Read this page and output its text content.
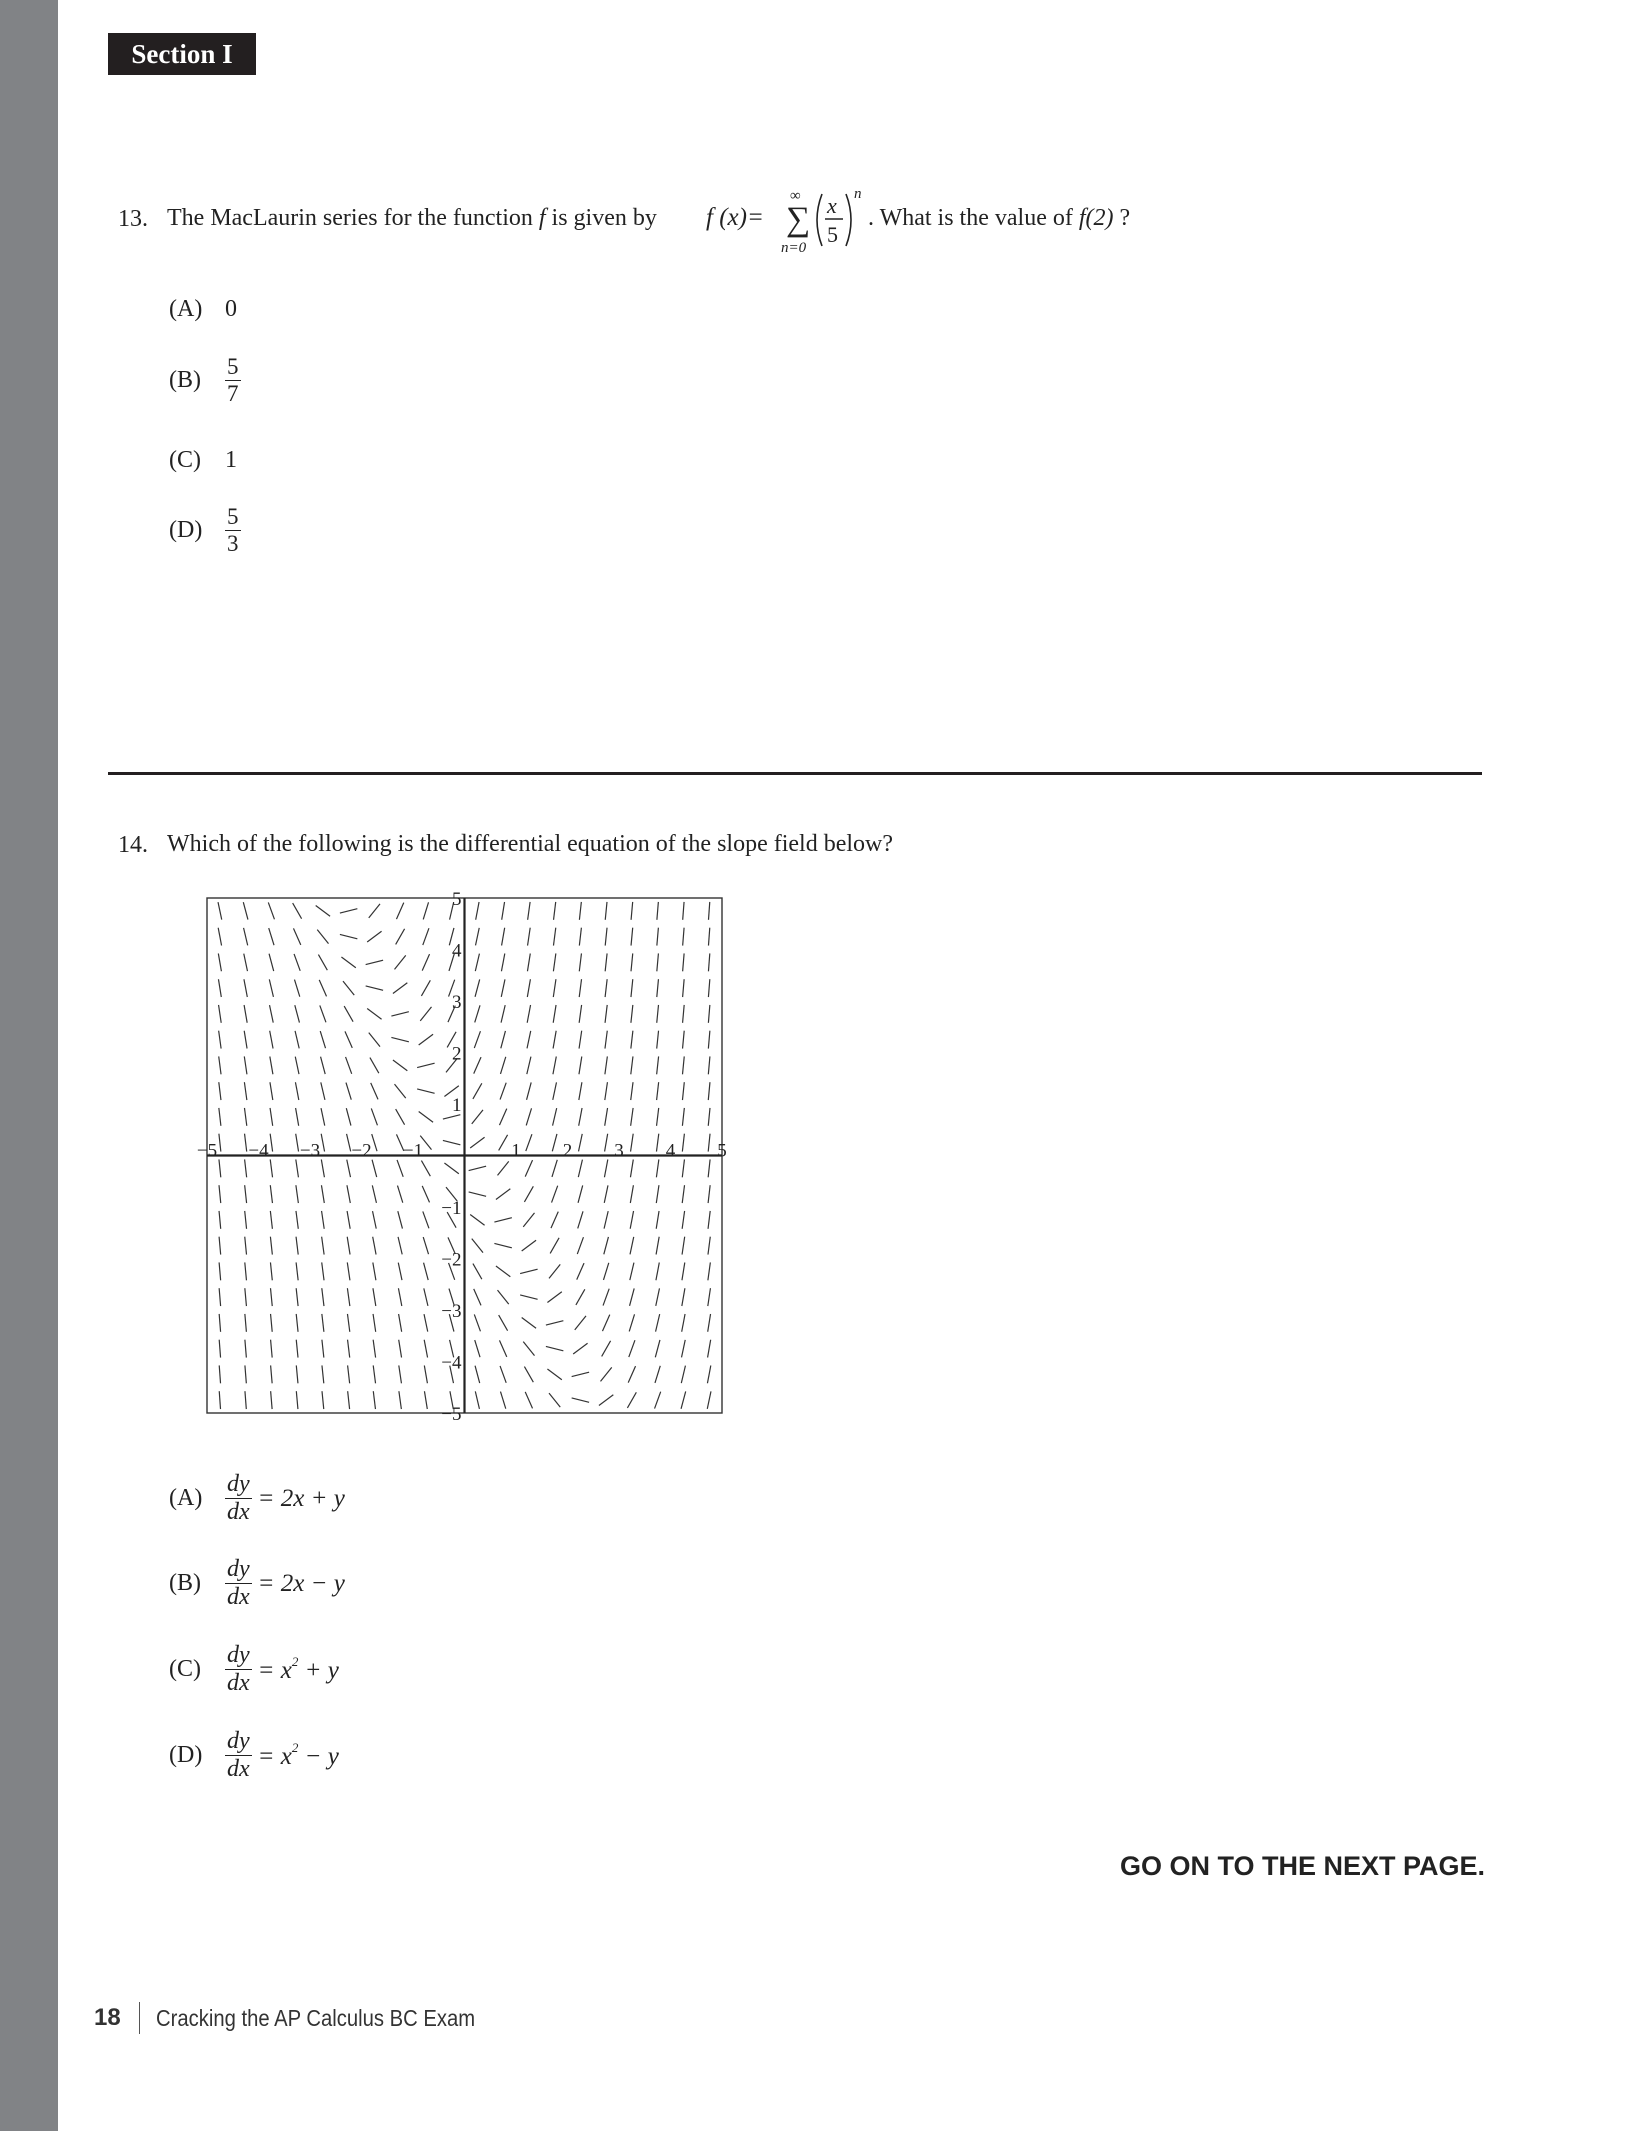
Section I
13. The MacLaurin series for the function f is given by f (x)= ∑
∞
n=0
x
5
n
. What is the value of f(2) ?
(A) 0
(B)	$\frac{5}{7}$
(C)	1
$(D) \frac{5}{3}$
14. Which of the following is the differential equation of the slope field below?
−5 −4 −3 −2 −1	1 2 3 4 5
5
4
3
2
1
−1
−2
−3
−4
−5
$(A) \frac{dy}{dx} = 2x + y$
(B)	$\frac{dy}{dx} = 2x - y$
(C)	$\frac{dy}{dx} = x^2 + y$
$(D) \frac{dy}{dx} = x^2 - y$
GO ON TO THE NEXT PAGE.
18 Cracking the AP Calculus BC Exam
